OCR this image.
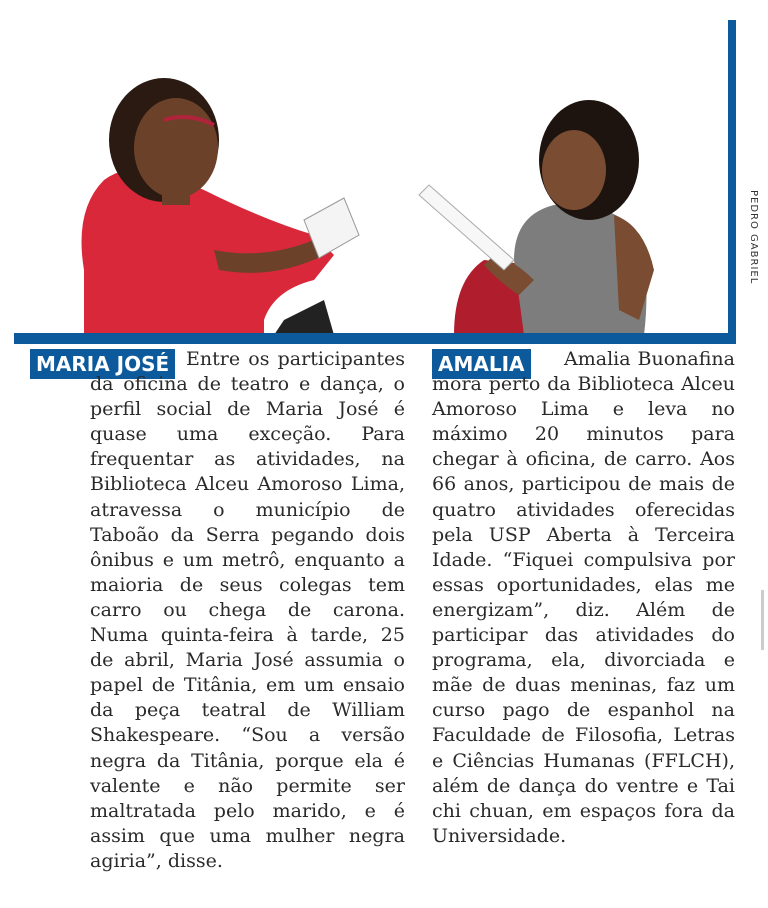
PEDRO GABRIEL
MARIA JOSÉ Entre os participantes da oficina de teatro e dança, o perfil social de Maria José é quase uma exceção. Para frequentar as atividades, na Biblioteca Alceu Amoroso Lima, atravessa o município de Taboão da Serra pegando dois ônibus e um metrô, enquanto a maioria de seus colegas tem carro ou chega de carona. Numa quinta-feira à tarde, 25 de abril, Maria José assumia o papel de Titânia, em um ensaio da peça teatral de William Shakespeare. “Sou a versão negra da Titânia, porque ela é valente e não permite ser maltratada pelo marido, e é assim que uma mulher negra agiria”, disse.

AMALIA	Amalia Buonafina mora perto da Biblioteca Alceu Amoroso Lima e leva no máximo 20 minutos para chegar à oficina, de carro. Aos 66 anos, participou de mais de quatro atividades oferecidas pela USP Aberta à Terceira Idade. “Fiquei compulsiva por essas oportunidades, elas me energizam”, diz. Além de participar das atividades do programa, ela, divorciada e mãe de duas meninas, faz um curso pago de espanhol na Faculdade de Filosofia, Letras e Ciências Humanas (FFLCH), além de dança do ventre e Tai chi chuan, em espaços fora da Universidade.
